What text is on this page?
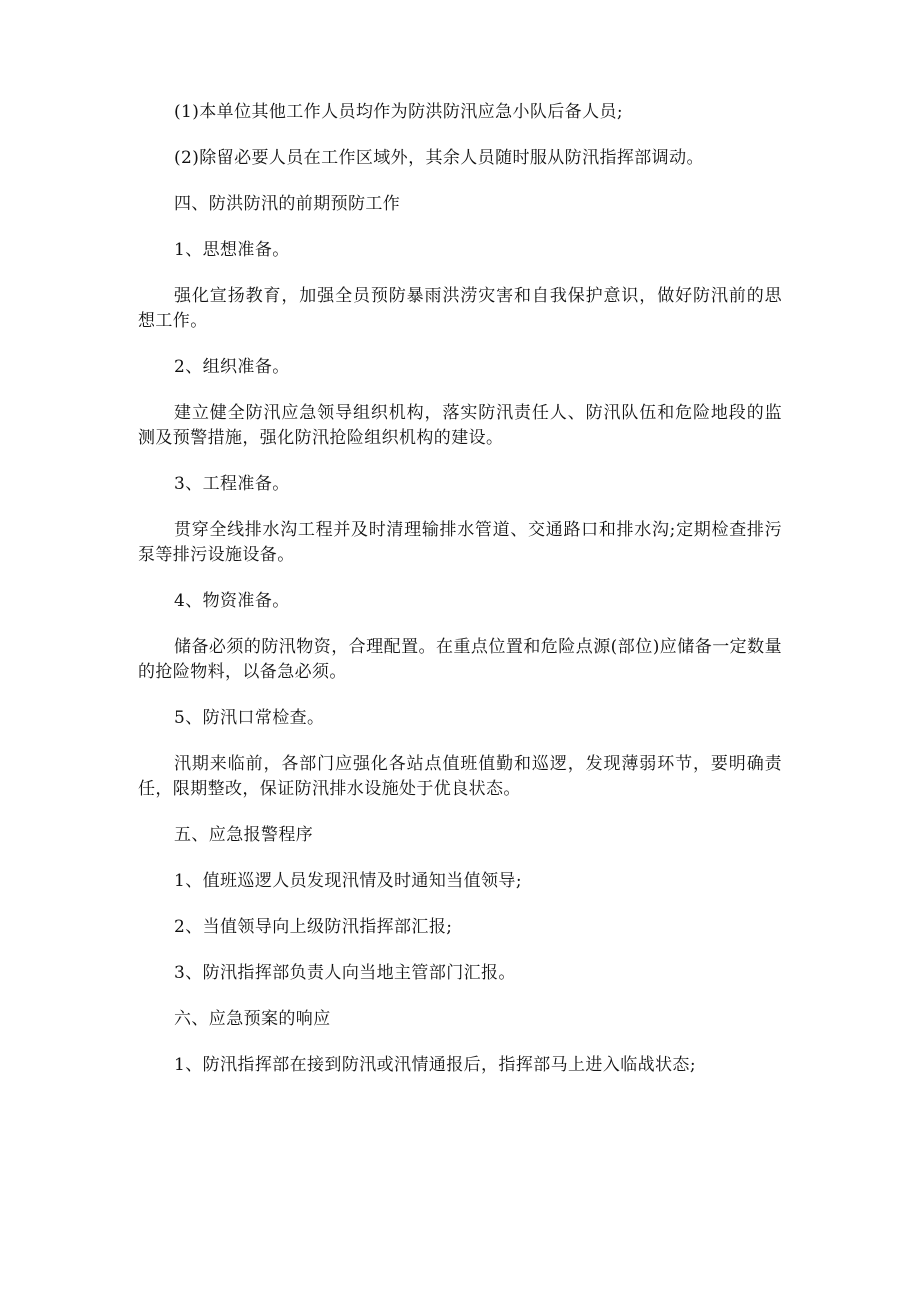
(1)本单位其他工作人员均作为防洪防汛应急小队后备人员;

(2)除留必要人员在工作区域外，其余人员随时服从防汛指挥部调动。

四、防洪防汛的前期预防工作

1、思想准备。

强化宣扬教育，加强全员预防暴雨洪涝灾害和自我保护意识，做好防汛前的思想工作。

2、组织准备。

建立健全防汛应急领导组织机构，落实防汛责任人、防汛队伍和危险地段的监测及预警措施，强化防汛抢险组织机构的建设。

3、工程准备。

贯穿全线排水沟工程并及时清理输排水管道、交通路口和排水沟;定期检查排污泵等排污设施设备。

4、物资准备。

储备必须的防汛物资，合理配置。在重点位置和危险点源(部位)应储备一定数量的抢险物料，以备急必须。

5、防汛口常检查。

汛期来临前，各部门应强化各站点值班值勤和巡逻，发现薄弱环节，要明确责任，限期整改，保证防汛排水设施处于优良状态。

五、应急报警程序

1、值班巡逻人员发现汛情及时通知当值领导;

2、当值领导向上级防汛指挥部汇报;

3、防汛指挥部负责人向当地主管部门汇报。

六、应急预案的响应

1、防汛指挥部在接到防汛或汛情通报后，指挥部马上进入临战状态;
